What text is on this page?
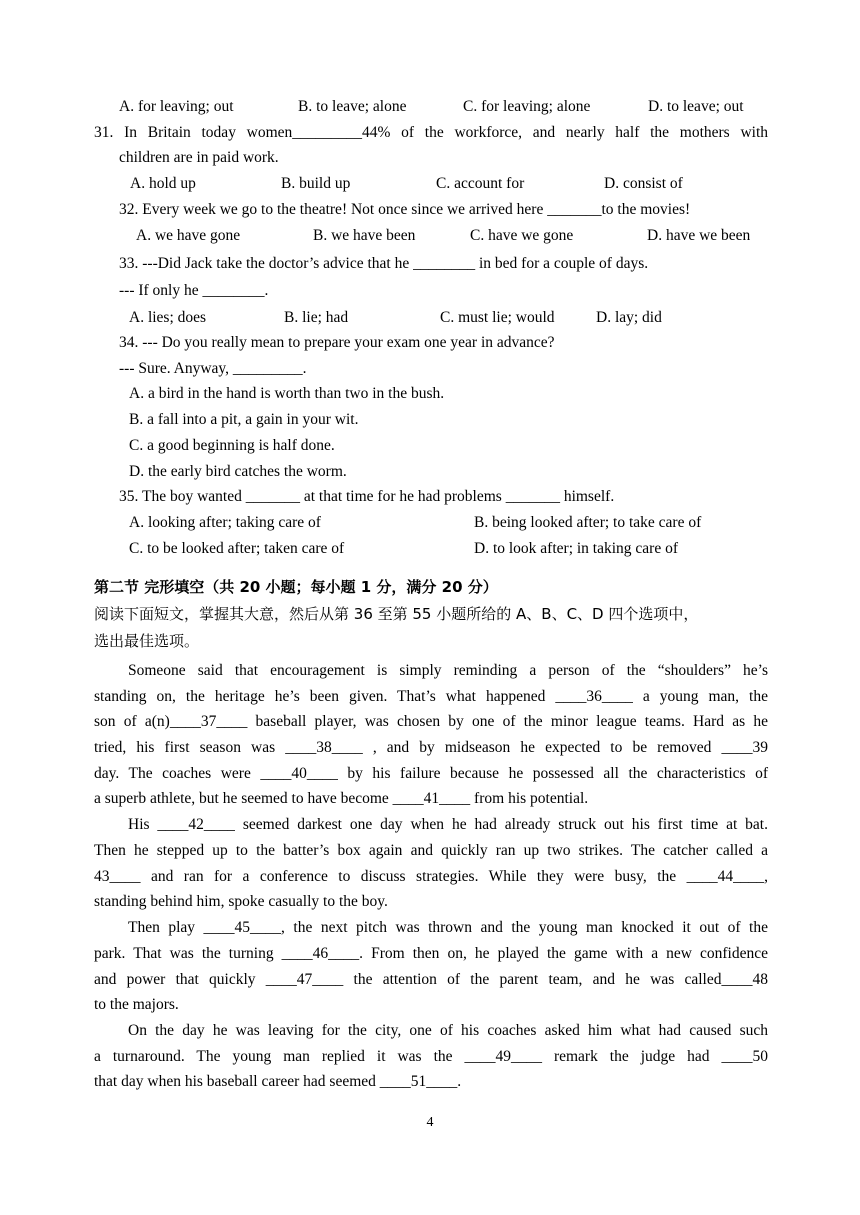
A. for leaving; out	B. to leave; alone	C. for leaving; alone	D. to leave; out
31. In Britain today women_________44% of the workforce, and nearly half the mothers with
children are in paid work.
A. hold up	B. build up	C. account for	D. consist of
32. Every week we go to the theatre! Not once since we arrived here _______to the movies!
A. we have gone	B. we have been	C. have we gone	D. have we been
33. ---Did Jack take the doctor’s advice that he ________ in bed for a couple of days.
--- If only he ________.
A. lies; does	B. lie; had	C. must lie; would	D. lay; did
34. --- Do you really mean to prepare your exam one year in advance?
--- Sure. Anyway, _________.
A. a bird in the hand is worth than two in the bush.
B. a fall into a pit, a gain in your wit.
C. a good beginning is half done.
D. the early bird catches the worm.
35. The boy wanted _______ at that time for he had problems _______ himself.
A. looking after; taking care of	B. being looked after; to take care of
C. to be looked after; taken care of	D. to look after; in taking care of
第二节 完形填空（共 20 小题；每小题 1 分，满分 20 分）
阅读下面短文，掌握其大意，然后从第 36 至第 55 小题所给的 A、B、C、D 四个选项中，
选出最佳选项。
Someone said that encouragement is simply reminding a person of the “shoulders” he’s
standing on, the heritage he’s been given. That’s what happened ____36____ a young man, the
son of a(n)____37____ baseball player, was chosen by one of the minor league teams. Hard as he
tried, his first season was ____38____ , and by midseason he expected to be removed ____39
day. The coaches were ____40____ by his failure because he possessed all the characteristics of
a superb athlete, but he seemed to have become ____41____ from his potential.
His ____42____ seemed darkest one day when he had already struck out his first time at bat.
Then he stepped up to the batter’s box again and quickly ran up two strikes. The catcher called a
43____ and ran for a conference to discuss strategies. While they were busy, the ____44____,
standing behind him, spoke casually to the boy.
Then play ____45____, the next pitch was thrown and the young man knocked it out of the
park. That was the turning ____46____. From then on, he played the game with a new confidence
and power that quickly ____47____ the attention of the parent team, and he was called____48
to the majors.
On the day he was leaving for the city, one of his coaches asked him what had caused such
a turnaround. The young man replied it was the ____49____ remark the judge had ____50
that day when his baseball career had seemed ____51____.
4
